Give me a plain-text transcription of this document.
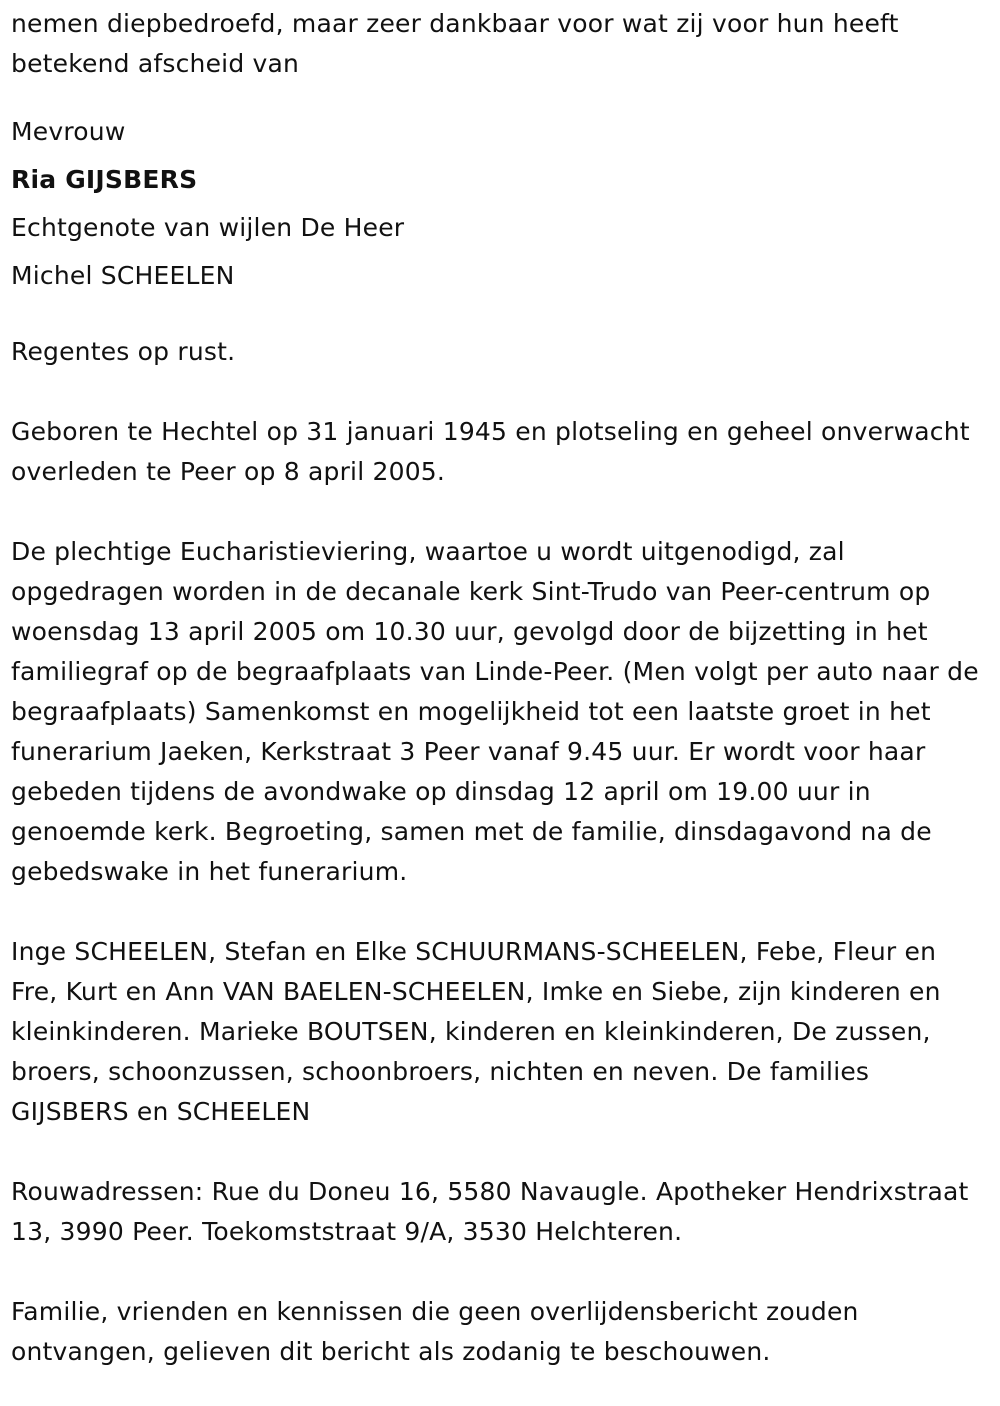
nemen diepbedroefd, maar zeer dankbaar voor wat zij voor hun heeft betekend afscheid van

Mevrouw
Ria GIJSBERS
Echtgenote van wijlen De Heer
Michel SCHEELEN

Regentes op rust.

Geboren te Hechtel op 31 januari 1945 en plotseling en geheel onverwacht overleden te Peer op 8 april 2005.

De plechtige Eucharistieviering, waartoe u wordt uitgenodigd, zal opgedragen worden in de decanale kerk Sint-Trudo van Peer-centrum op woensdag 13 april 2005 om 10.30 uur, gevolgd door de bijzetting in het familiegraf op de begraafplaats van Linde-Peer. (Men volgt per auto naar de begraafplaats) Samenkomst en mogelijkheid tot een laatste groet in het funerarium Jaeken, Kerkstraat 3 Peer vanaf 9.45 uur. Er wordt voor haar gebeden tijdens de avondwake op dinsdag 12 april om 19.00 uur in genoemde kerk. Begroeting, samen met de familie, dinsdagavond na de gebedswake in het funerarium.

Inge SCHEELEN, Stefan en Elke SCHUURMANS-SCHEELEN, Febe, Fleur en Fre, Kurt en Ann VAN BAELEN-SCHEELEN, Imke en Siebe, zijn kinderen en kleinkinderen. Marieke BOUTSEN, kinderen en kleinkinderen, De zussen, broers, schoonzussen, schoonbroers, nichten en neven. De families GIJSBERS en SCHEELEN

Rouwadressen: Rue du Doneu 16, 5580 Navaugle. Apotheker Hendrixstraat 13, 3990 Peer. Toekomststraat 9/A, 3530 Helchteren.

Familie, vrienden en kennissen die geen overlijdensbericht zouden ontvangen, gelieven dit bericht als zodanig te beschouwen.
